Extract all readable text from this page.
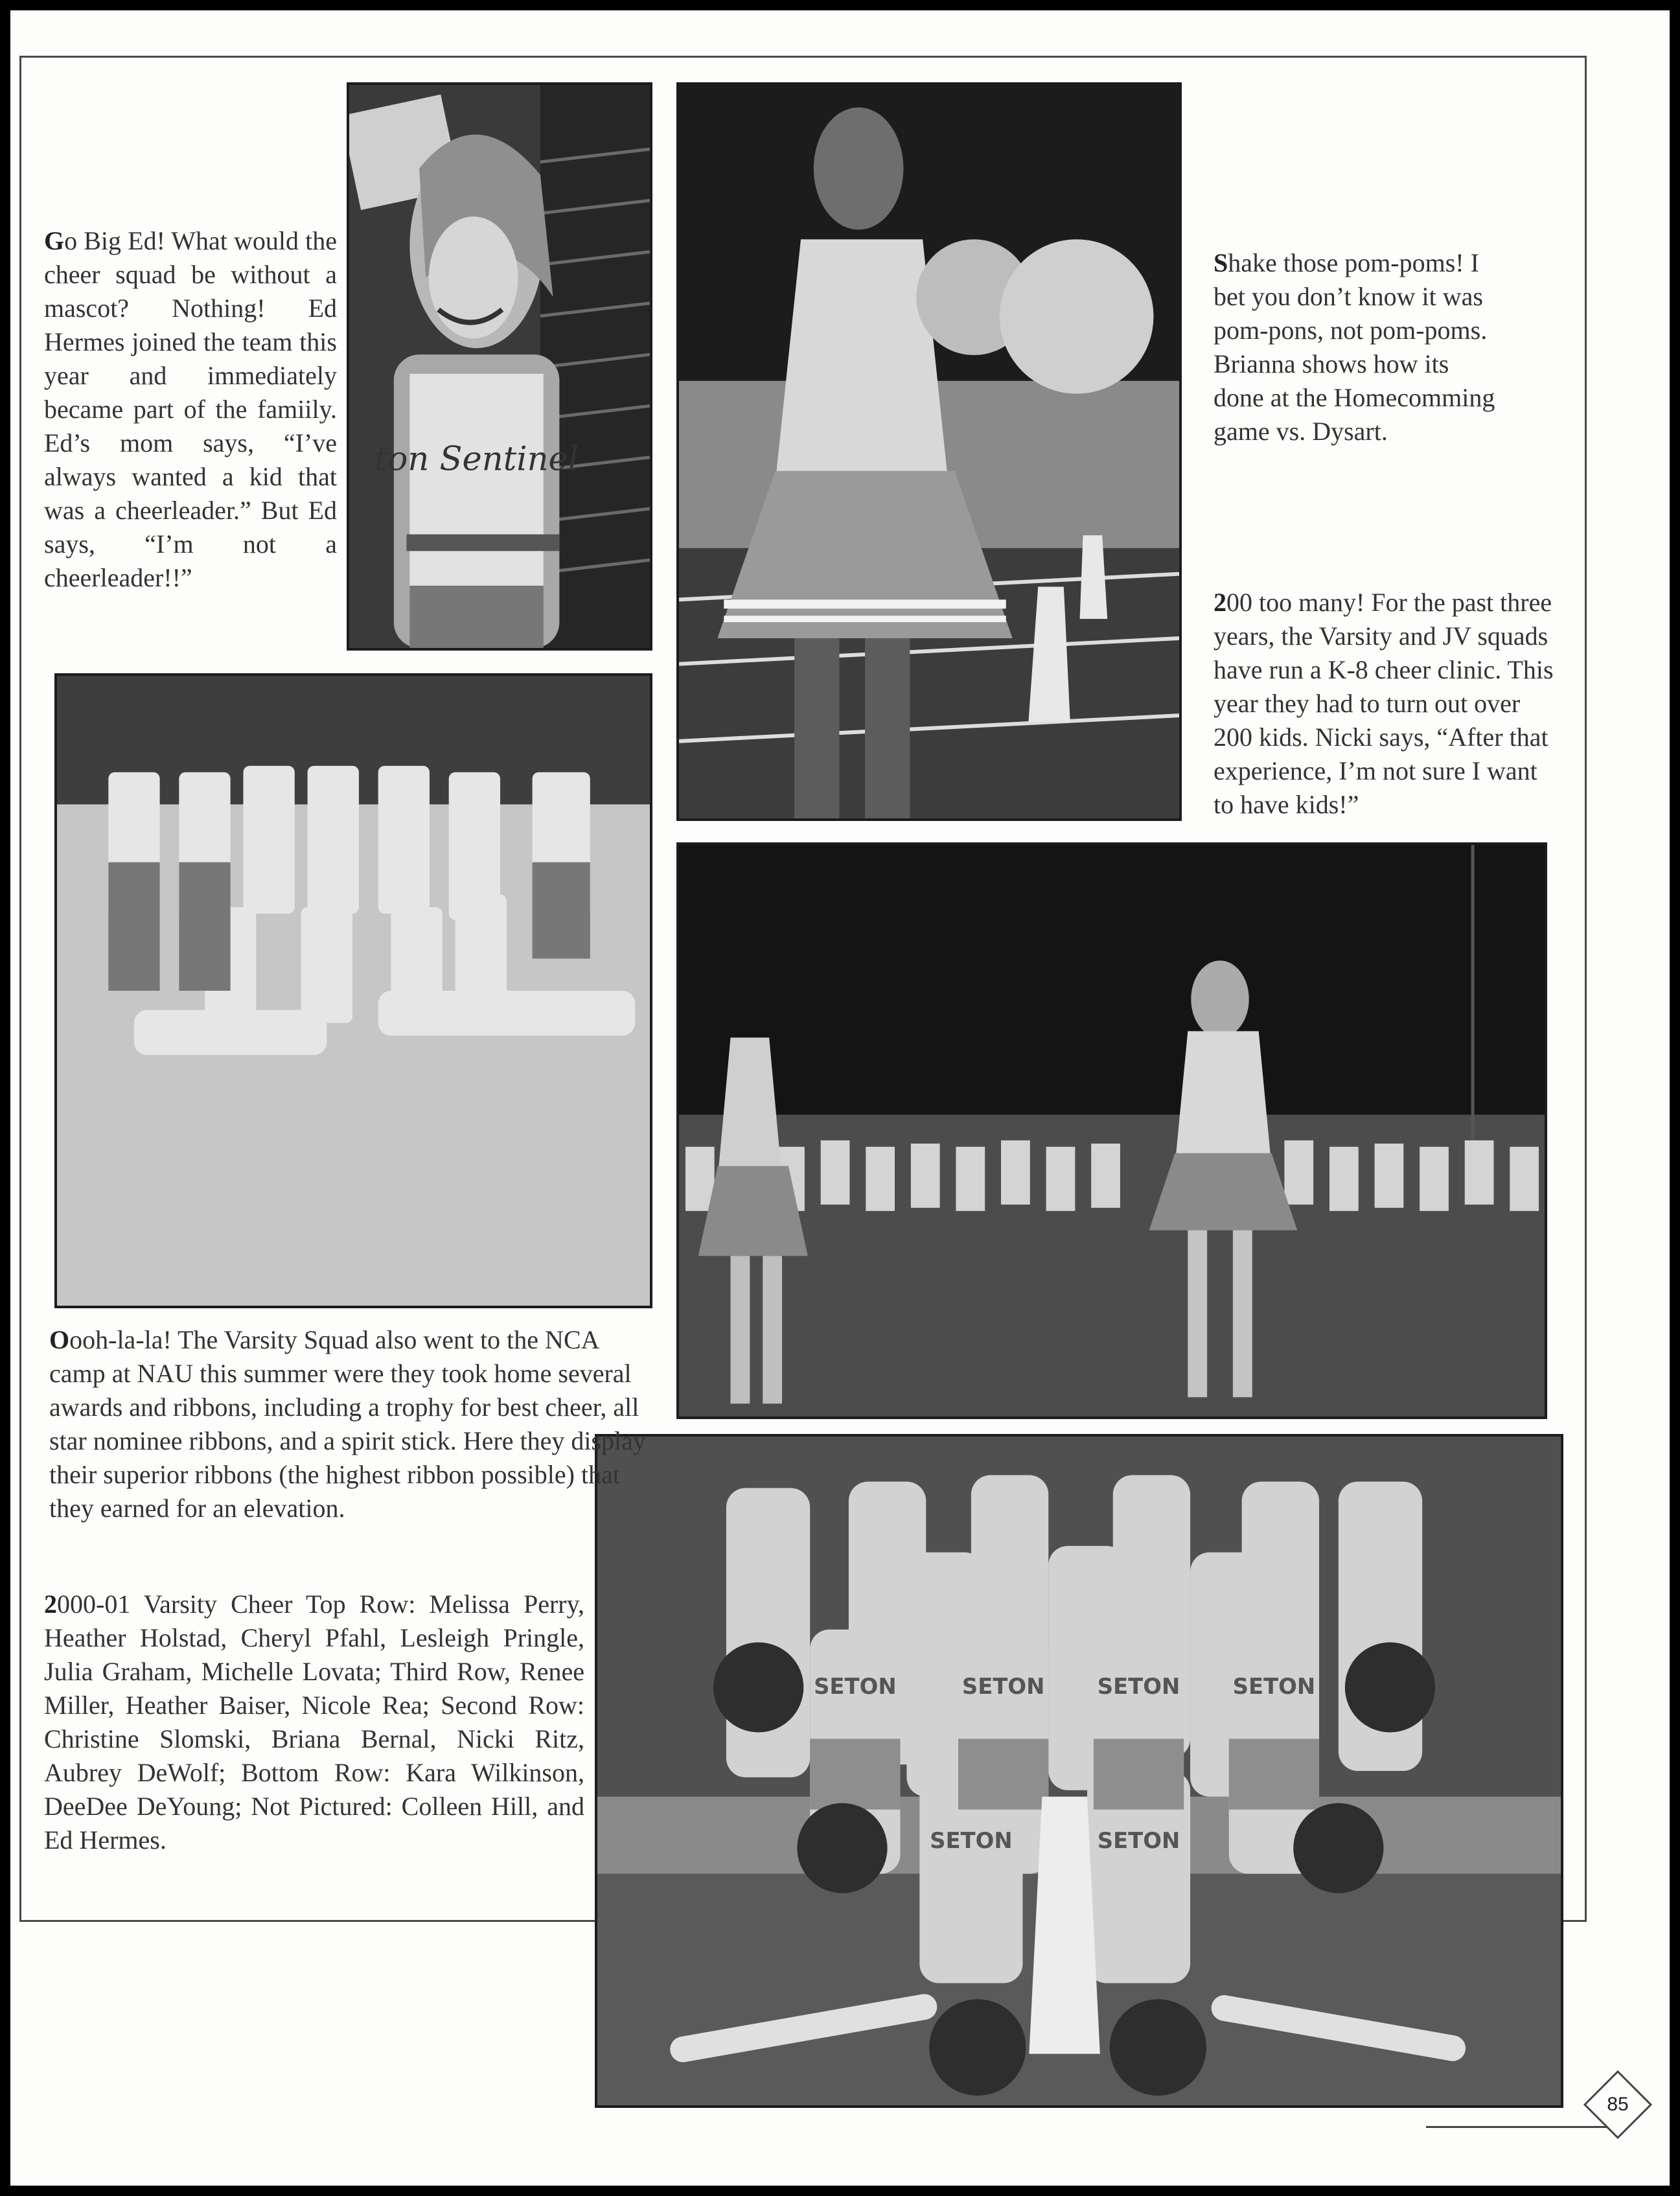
ton Sentinel
SETON	SETON SETON SETON
SETON	SETON

Go Big Ed! What would the cheer squad be without a mascot? Nothing! Ed Hermes joined the team this year and immediately became part of the famiily. Ed’s mom says, “I’ve always wanted a kid that was a cheerleader.” But Ed says, “I’m not a cheerleader!!”

Shake those pom-poms! I bet you don’t know it was pom-pons, not pom-poms. Brianna shows how its done at the Homecomming game vs. Dysart.

200 too many! For the past three years, the Varsity and JV squads have run a K-8 cheer clinic. This year they had to turn out over 200 kids. Nicki says, “After that experience, I’m not sure I want to have kids!”

Oooh-la-la! The Varsity Squad also went to the NCA camp at NAU this summer were they took home several awards and ribbons, including a trophy for best cheer, all star nominee ribbons, and a spirit stick. Here they display their superior ribbons (the highest ribbon possible) that they earned for an elevation.

2000-01 Varsity Cheer Top Row: Melissa Perry, Heather Holstad, Cheryl Pfahl, Lesleigh Pringle, Julia Graham, Michelle Lovata; Third Row, Renee Miller, Heather Baiser, Nicole Rea; Second Row: Christine Slomski, Briana Bernal, Nicki Ritz, Aubrey DeWolf; Bottom Row: Kara Wilkinson, DeeDee DeYoung; Not Pictured: Colleen Hill, and Ed Hermes.

85
